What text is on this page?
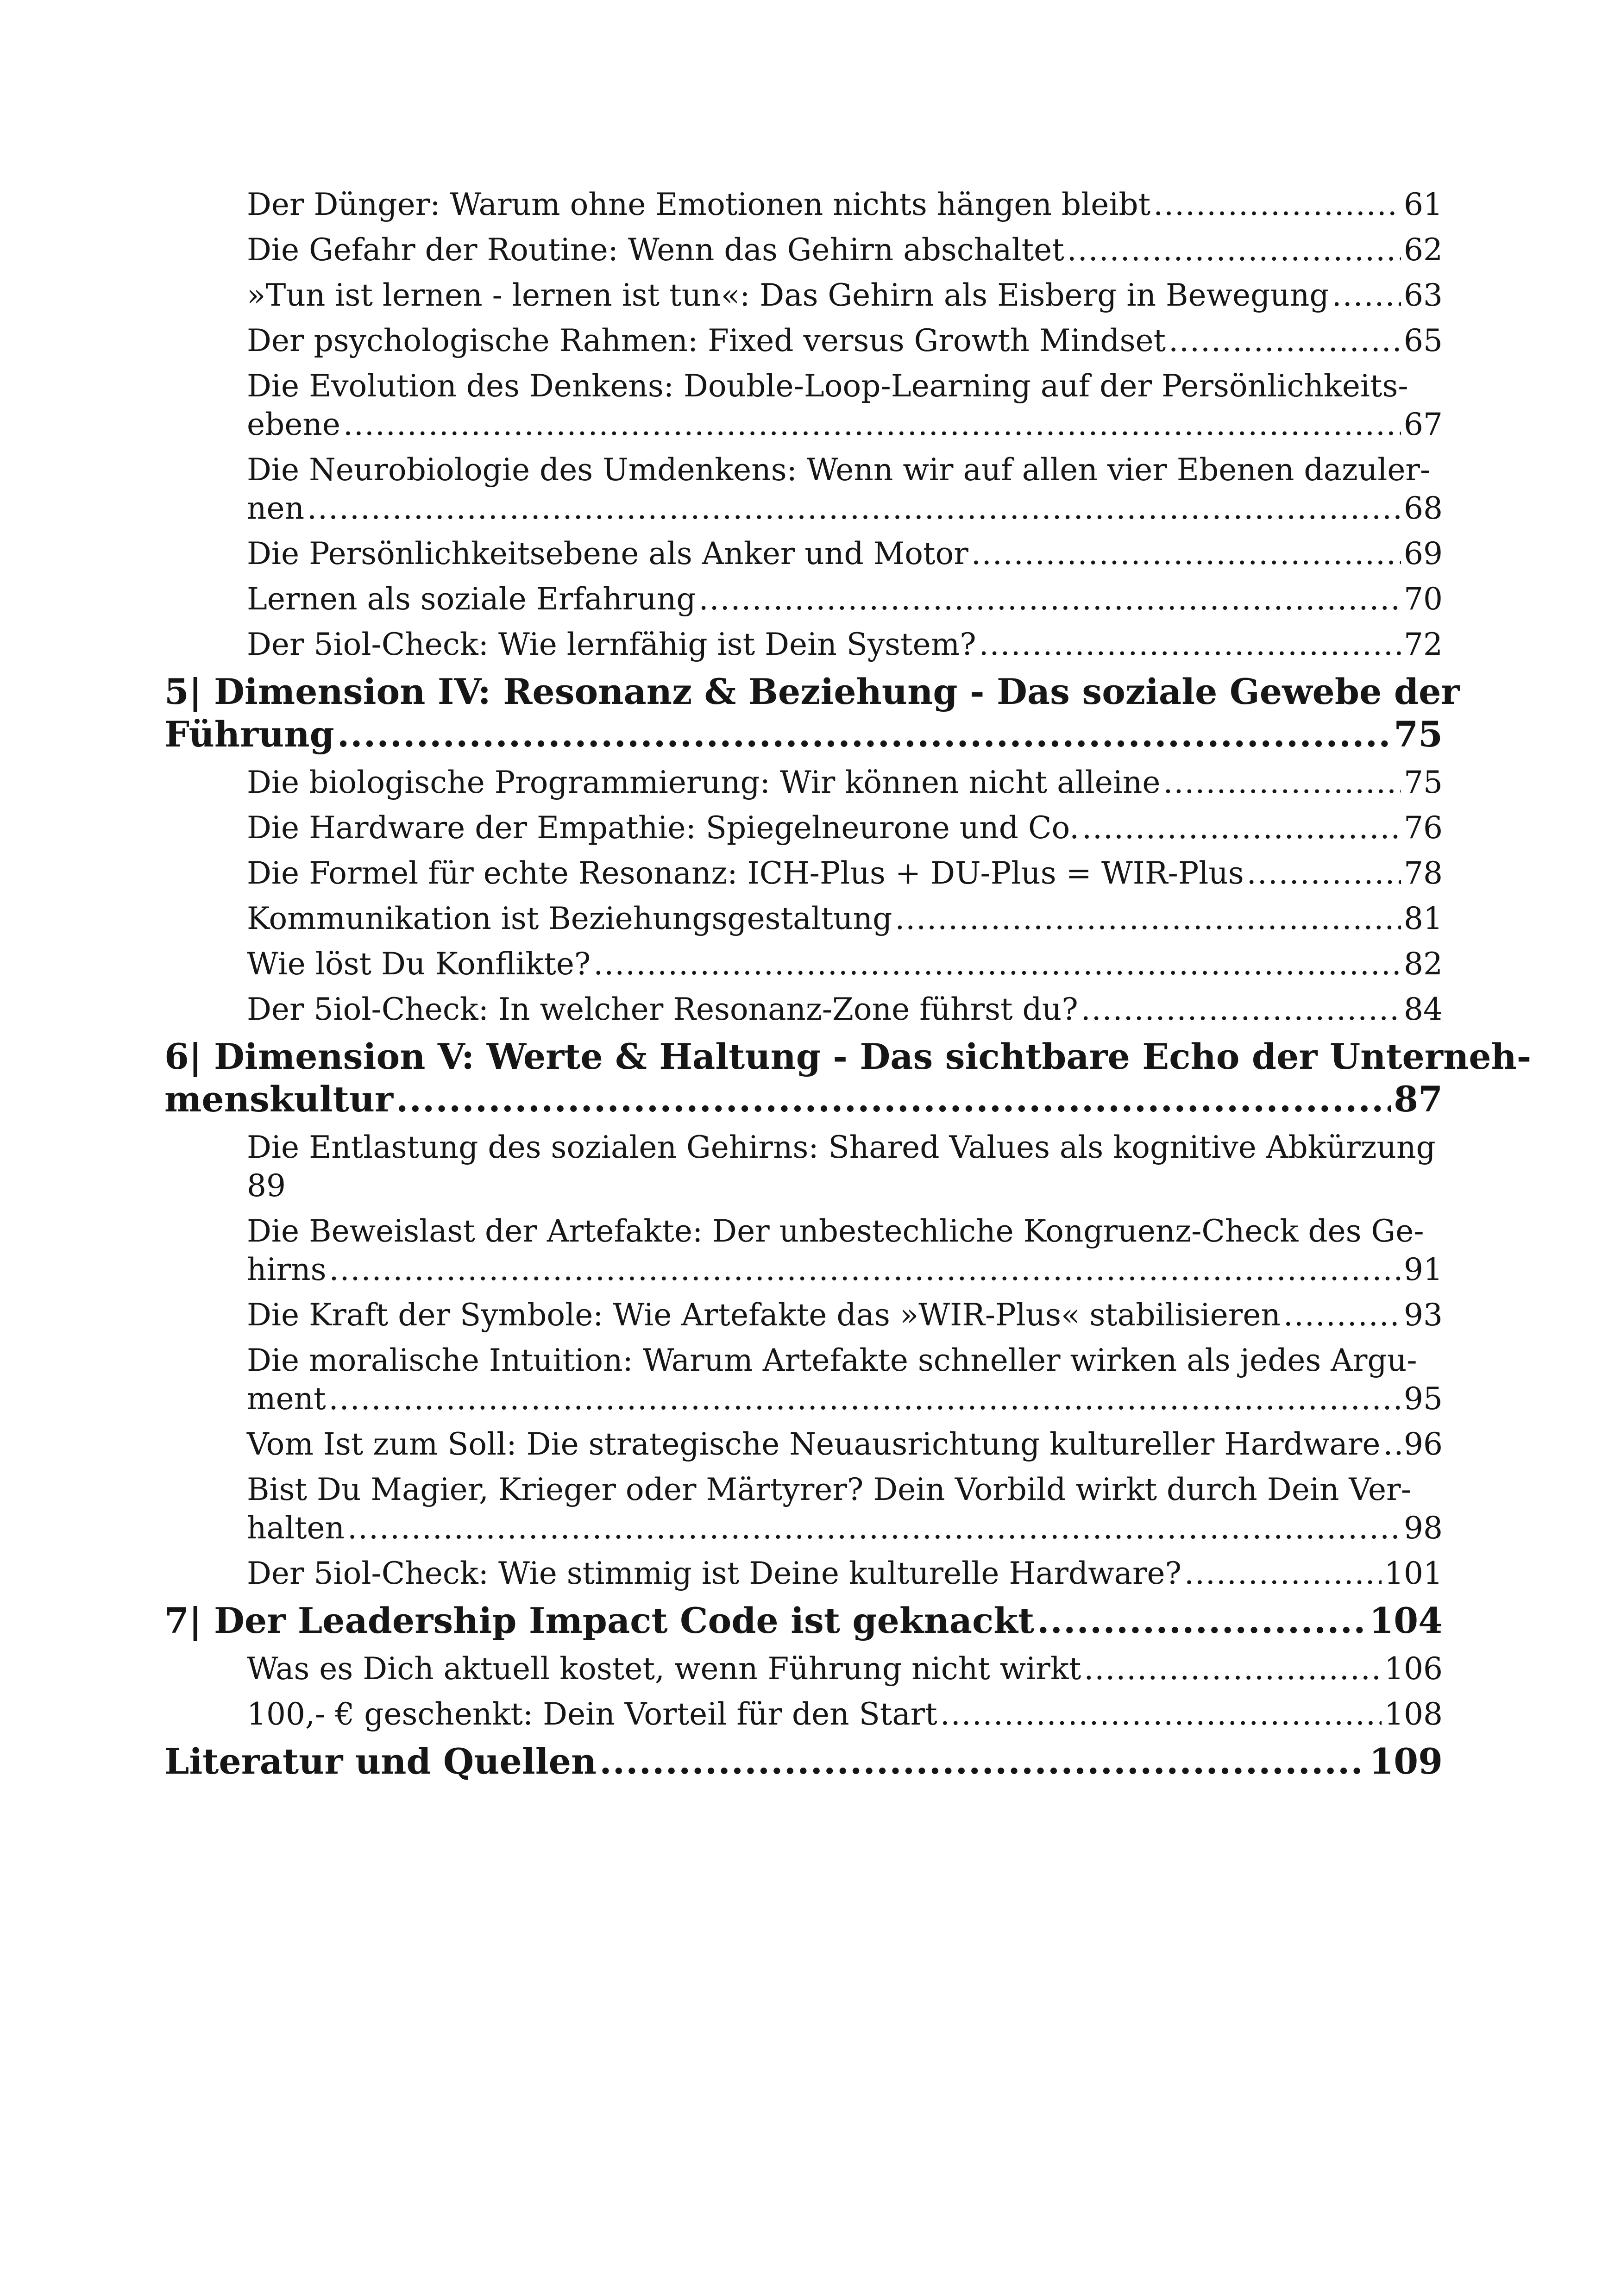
Der Dünger: Warum ohne Emotionen nichts hängen bleibt .....	61
Die Gefahr der Routine: Wenn das Gehirn abschaltet .....	62
»Tun ist lernen - lernen ist tun«: Das Gehirn als Eisberg in Bewegung ..... 63
Der psychologische Rahmen: Fixed versus Growth Mindset .....	65
Die Evolution des Denkens: Double-Loop-Learning auf der Persönlichkeits-
ebene .....	67
Die Neurobiologie des Umdenkens: Wenn wir auf allen vier Ebenen dazuler-
nen .....	68
Die Persönlichkeitsebene als Anker und Motor .....	69
Lernen als soziale Erfahrung .....	70
Der 5iol-Check: Wie lernfähig ist Dein System? .....	72
5| Dimension IV: Resonanz & Beziehung - Das soziale Gewebe der
Führung .....	75
Die biologische Programmierung: Wir können nicht alleine .....	75
Die Hardware der Empathie: Spiegelneurone und Co. .....	76
Die Formel für echte Resonanz: ICH-Plus + DU-Plus = WIR-Plus .....	78
Kommunikation ist Beziehungsgestaltung .....	81
Wie löst Du Konflikte? .....	82
Der 5iol-Check: In welcher Resonanz-Zone führst du? .....	84
6| Dimension V: Werte & Haltung - Das sichtbare Echo der Unterneh-
menskultur .....	87
Die Entlastung des sozialen Gehirns: Shared Values als kognitive Abkürzung
89
Die Beweislast der Artefakte: Der unbestechliche Kongruenz-Check des Ge-
hirns .....	91
Die Kraft der Symbole: Wie Artefakte das »WIR-Plus« stabilisieren .....	93
Die moralische Intuition: Warum Artefakte schneller wirken als jedes Argu-
ment .....	95
Vom Ist zum Soll: Die strategische Neuausrichtung kultureller Hardware ..... 96
Bist Du Magier, Krieger oder Märtyrer? Dein Vorbild wirkt durch Dein Ver-
halten .....	98
Der 5iol-Check: Wie stimmig ist Deine kulturelle Hardware? .....	101
7| Der Leadership Impact Code ist geknackt .....	104
Was es Dich aktuell kostet, wenn Führung nicht wirkt .....	106
100,- € geschenkt: Dein Vorteil für den Start .....	108
Literatur und Quellen .....	109
